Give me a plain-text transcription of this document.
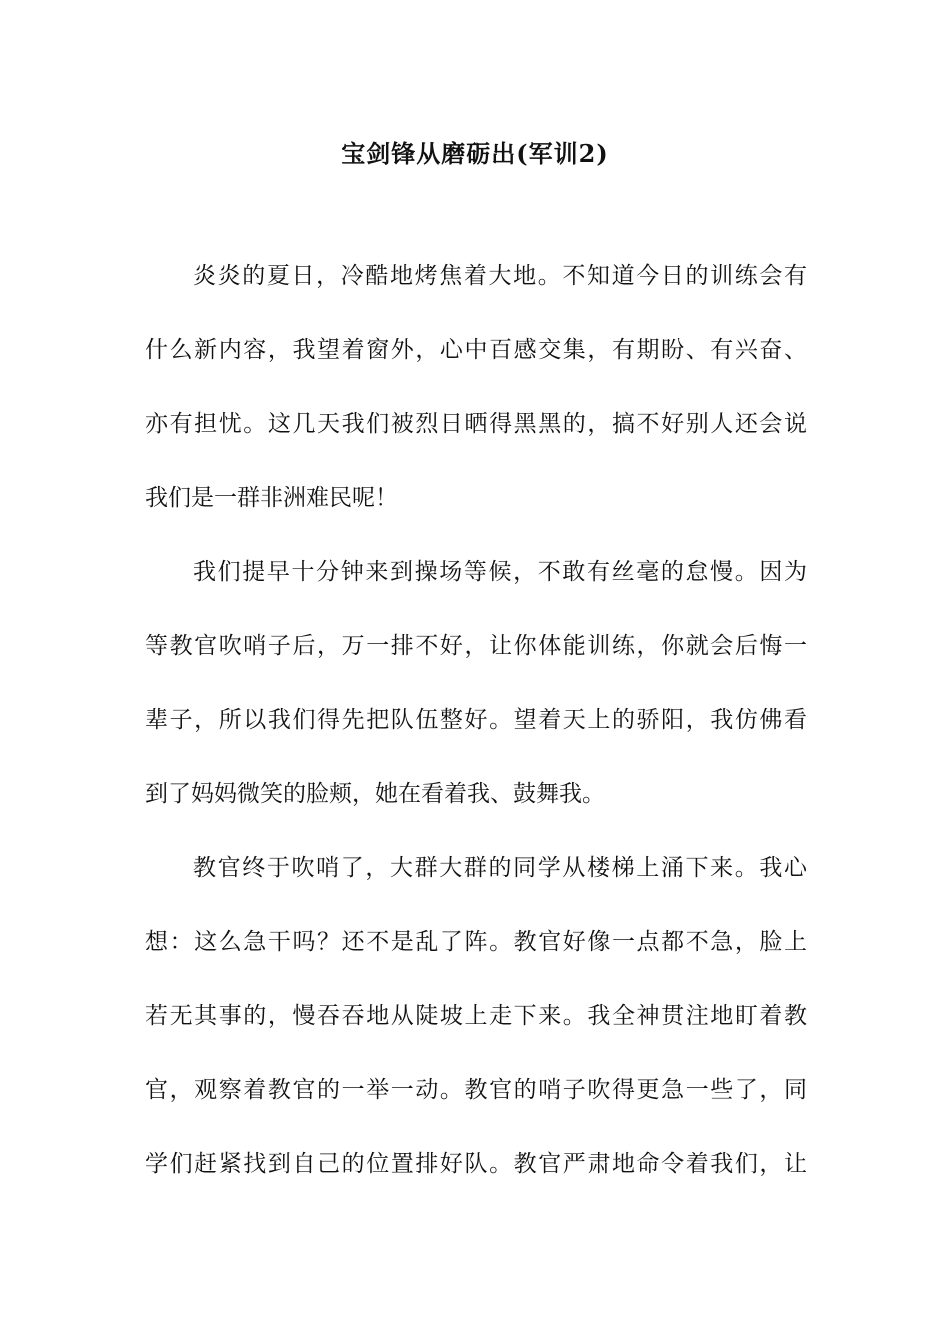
宝剑锋从磨砺出(军训2)
炎炎的夏日，冷酷地烤焦着大地。不知道今日的训练会有
什么新内容，我望着窗外，心中百感交集，有期盼、有兴奋、
亦有担忧。这几天我们被烈日晒得黑黑的，搞不好别人还会说
我们是一群非洲难民呢！
我们提早十分钟来到操场等候，不敢有丝毫的怠慢。因为
等教官吹哨子后，万一排不好，让你体能训练，你就会后悔一
辈子，所以我们得先把队伍整好。望着天上的骄阳，我仿佛看
到了妈妈微笑的脸颊，她在看着我、鼓舞我。
教官终于吹哨了，大群大群的同学从楼梯上涌下来。我心
想：这么急干吗？还不是乱了阵。教官好像一点都不急，脸上
若无其事的，慢吞吞地从陡坡上走下来。我全神贯注地盯着教
官，观察着教官的一举一动。教官的哨子吹得更急一些了，同
学们赶紧找到自己的位置排好队。教官严肃地命令着我们，让
